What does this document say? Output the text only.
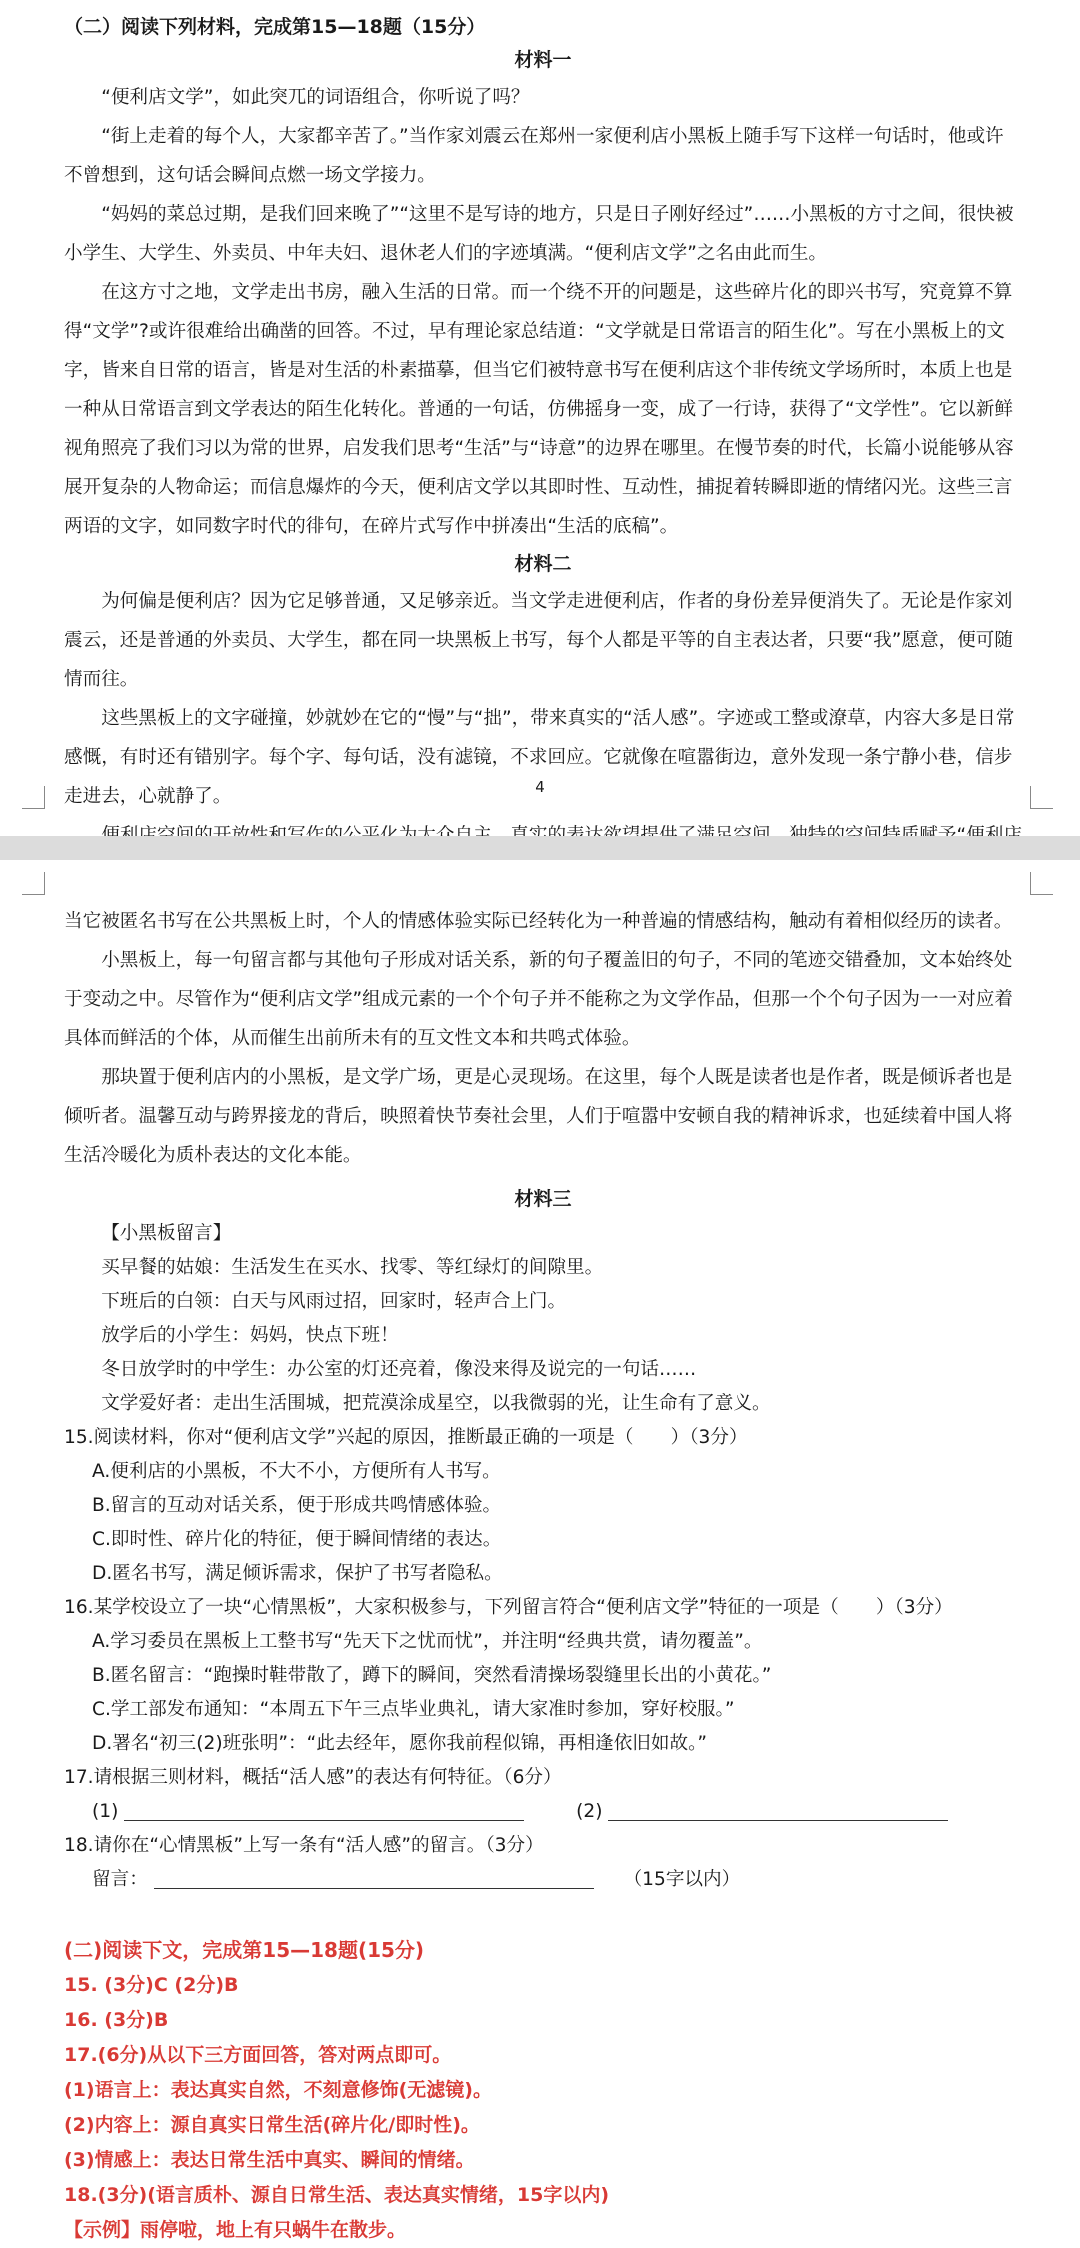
（二）阅读下列材料，完成第15—18题（15分）

材料一

“便利店文学”，如此突兀的词语组合，你听说了吗？

“街上走着的每个人，大家都辛苦了。”当作家刘震云在郑州一家便利店小黑板上随手写下这样一句话时，他或许不曾想到，这句话会瞬间点燃一场文学接力。

“妈妈的菜总过期，是我们回来晚了”“这里不是写诗的地方，只是日子刚好经过”……小黑板的方寸之间，很快被小学生、大学生、外卖员、中年夫妇、退休老人们的字迹填满。“便利店文学”之名由此而生。

在这方寸之地，文学走出书房，融入生活的日常。而一个绕不开的问题是，这些碎片化的即兴书写，究竟算不算得“文学”?或许很难给出确凿的回答。不过，早有理论家总结道：“文学就是日常语言的陌生化”。写在小黑板上的文字，皆来自日常的语言，皆是对生活的朴素描摹，但当它们被特意书写在便利店这个非传统文学场所时，本质上也是一种从日常语言到文学表达的陌生化转化。普通的一句话，仿佛摇身一变，成了一行诗，获得了“文学性”。它以新鲜视角照亮了我们习以为常的世界，启发我们思考“生活”与“诗意”的边界在哪里。在慢节奏的时代，长篇小说能够从容展开复杂的人物命运；而信息爆炸的今天，便利店文学以其即时性、互动性，捕捉着转瞬即逝的情绪闪光。这些三言两语的文字，如同数字时代的徘句，在碎片式写作中拼凑出“生活的底稿”。

材料二

为何偏是便利店？因为它足够普通，又足够亲近。当文学走进便利店，作者的身份差异便消失了。无论是作家刘震云，还是普通的外卖员、大学生，都在同一块黑板上书写，每个人都是平等的自主表达者，只要“我”愿意，便可随情而往。

这些黑板上的文字碰撞，妙就妙在它的“慢”与“拙”，带来真实的“活人感”。字迹或工整或潦草，内容大多是日常感慨，有时还有错别字。每个字、每句话，没有滤镜，不求回应。它就像在喧嚣街边，意外发现一条宁静小巷，信步走进去，心就静了。	4

当它被匿名书写在公共黑板上时，个人的情感体验实际已经转化为一种普遍的情感结构，触动有着相似经历的读者。

小黑板上，每一句留言都与其他句子形成对话关系，新的句子覆盖旧的句子，不同的笔迹交错叠加，文本始终处于变动之中。尽管作为“便利店文学”组成元素的一个个句子并不能称之为文学作品，但那一个个句子因为一一对应着具体而鲜活的个体，从而催生出前所未有的互文性文本和共鸣式体验。

那块置于便利店内的小黑板，是文学广场，更是心灵现场。在这里，每个人既是读者也是作者，既是倾诉者也是倾听者。温馨互动与跨界接龙的背后，映照着快节奏社会里，人们于喧嚣中安顿自我的精神诉求，也延续着中国人将生活冷暖化为质朴表达的文化本能。

材料三

【小黑板留言】

买早餐的姑娘：生活发生在买水、找零、等红绿灯的间隙里。

下班后的白领：白天与风雨过招，回家时，轻声合上门。

放学后的小学生：妈妈，快点下班！

冬日放学时的中学生：办公室的灯还亮着，像没来得及说完的一句话……

文学爱好者：走出生活围城，把荒漠涂成星空，以我微弱的光，让生命有了意义。

15.阅读材料，你对“便利店文学”兴起的原因，推断最正确的一项是（　　）（3分）

A.便利店的小黑板，不大不小，方便所有人书写。

B.留言的互动对话关系，便于形成共鸣情感体验。

C.即时性、碎片化的特征，便于瞬间情绪的表达。

D.匿名书写，满足倾诉需求，保护了书写者隐私。

16.某学校设立了一块“心情黑板”，大家积极参与，下列留言符合“便利店文学”特征的一项是（　　）（3分）

A.学习委员在黑板上工整书写“先天下之忧而忧”，并注明“经典共赏，请勿覆盖”。

B.匿名留言：“跑操时鞋带散了，蹲下的瞬间，突然看清操场裂缝里长出的小黄花。”

C.学工部发布通知：“本周五下午三点毕业典礼，请大家准时参加，穿好校服。”

D.署名“初三(2)班张明”：“此去经年，愿你我前程似锦，再相逢依旧如故。”

17.请根据三则材料，概括“活人感”的表达有何特征。（6分）

(1)	(2)

18.请你在“心情黑板”上写一条有“活人感”的留言。（3分）

留言：	（15字以内）

(二)阅读下文，完成第15—18题(15分)

15. (3分)C (2分)B

16. (3分)B

17.(6分)从以下三方面回答，答对两点即可。

(1)语言上：表达真实自然，不刻意修饰(无滤镜)。

(2)内容上：源自真实日常生活(碎片化/即时性)。

(3)情感上：表达日常生活中真实、瞬间的情绪。

18.(3分)(语言质朴、源自日常生活、表达真实情绪，15字以内)

【示例】雨停啦，地上有只蜗牛在散步。
